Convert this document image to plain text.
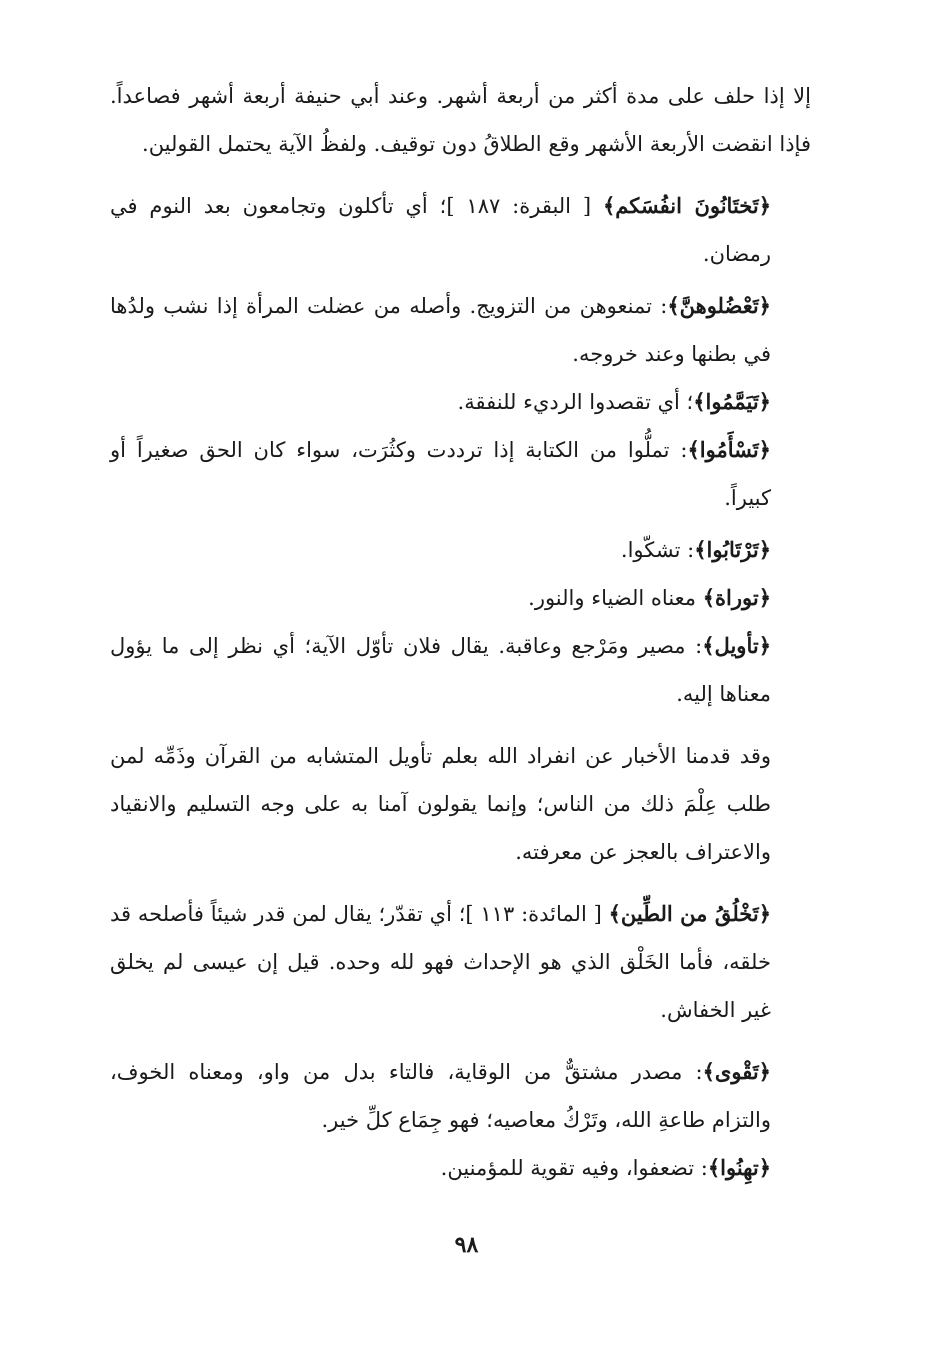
إلا إذا حلف على مدة أكثر من أربعة أشهر. وعند أبي حنيفة أربعة أشهر فصاعداً. فإذا انقضت الأربعة الأشهر وقع الطلاقُ دون توقيف. ولفظُ الآية يحتمل القولين.

﴿تَختَانُونَ انفُسَكم﴾ [ البقرة: ١٨٧ ]؛ أي تأكلون وتجامعون بعد النوم في رمضان.

﴿تَعْضُلوهنَّ﴾: تمنعوهن من التزويج. وأصله من عضلت المرأة إذا نشب ولدُها في بطنها وعند خروجه.

﴿تَيَمَّمُوا﴾؛ أي تقصدوا الرديء للنفقة.

﴿تَسْأَمُوا﴾: تملُّوا من الكتابة إذا ترددت وكثُرَت، سواء كان الحق صغيراً أو كبيراً.

﴿تَرْتَابُوا﴾: تشكّوا.

﴿توراة﴾ معناه الضياء والنور.

﴿تأويل﴾: مصير ومَرْجع وعاقبة. يقال فلان تأوّل الآية؛ أي نظر إلى ما يؤول معناها إليه.

وقد قدمنا الأخبار عن انفراد الله بعلم تأويل المتشابه من القرآن وذَمِّه لمن طلب عِلْمَ ذلك من الناس؛ وإنما يقولون آمنا به على وجه التسليم والانقياد والاعتراف بالعجز عن معرفته.

﴿تَخْلُقُ من الطِّين﴾ [ المائدة: ١١٣ ]؛ أي تقدّر؛ يقال لمن قدر شيئاً فأصلحه قد خلقه، فأما الخَلْق الذي هو الإحداث فهو لله وحده. قيل إن عيسى لم يخلق غير الخفاش.

﴿تَقْوى﴾: مصدر مشتقٌّ من الوقاية، فالتاء بدل من واو، ومعناه الخوف، والتزام طاعةِ الله، وتَرْكُ معاصيه؛ فهو جِمَاع كلِّ خير.

﴿تهِنُوا﴾: تضعفوا، وفيه تقوية للمؤمنين.

٩٨
